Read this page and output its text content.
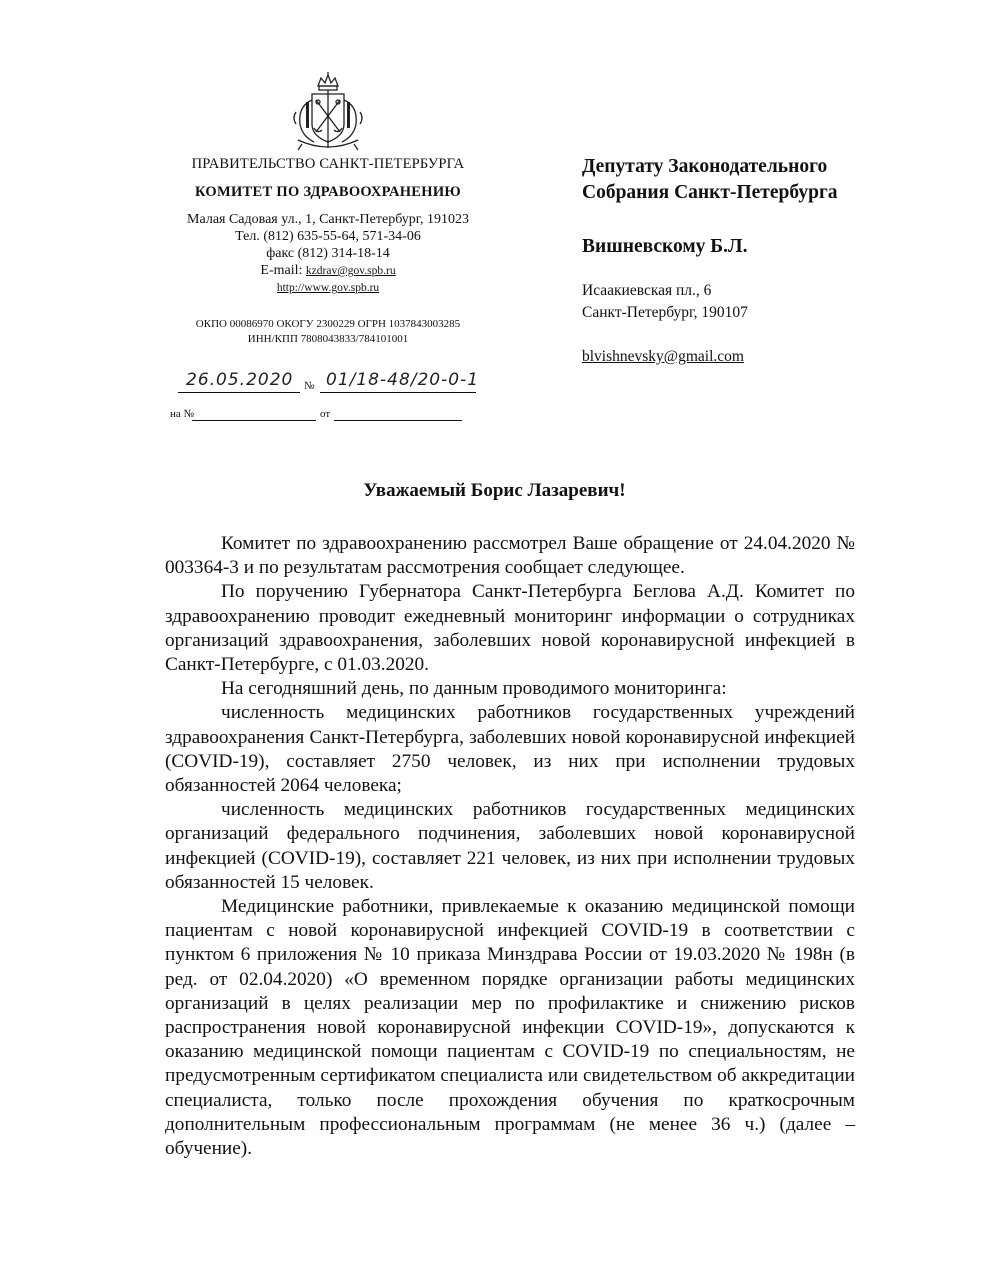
ПРАВИТЕЛЬСТВО САНКТ-ПЕТЕРБУРГА
КОМИТЕТ ПО ЗДРАВООХРАНЕНИЮ
Малая Садовая ул., 1, Санкт-Петербург, 191023
Тел. (812) 635-55-64, 571-34-06
факс (812) 314-18-14
E-mail: kzdrav@gov.spb.ru
http://www.gov.spb.ru
ОКПО 00086970 ОКОГУ 2300229 ОГРН 1037843003285
ИНН/КПП 7808043833/784101001
26.05.2020 № 01/18-48/20-0-1
на №	от
Депутату Законодательного
Собрания Санкт-Петербурга
Вишневскому Б.Л.
Исаакиевская пл., 6
Санкт-Петербург, 190107
blvishnevsky@gmail.com
Уважаемый Борис Лазаревич!

Комитет по здравоохранению рассмотрел Ваше обращение от 24.04.2020 № 003364-3 и по результатам рассмотрения сообщает следующее.

По поручению Губернатора Санкт-Петербурга Беглова А.Д. Комитет по здравоохранению проводит ежедневный мониторинг информации о сотрудниках организаций здравоохранения, заболевших новой коронавирусной инфекцией в Санкт-Петербурге, с 01.03.2020.

На сегодняшний день, по данным проводимого мониторинга:

численность медицинских работников государственных учреждений здравоохранения Санкт-Петербурга, заболевших новой коронавирусной инфекцией (COVID-19), составляет 2750 человек, из них при исполнении трудовых обязанностей 2064 человека;

численность медицинских работников государственных медицинских организаций федерального подчинения, заболевших новой коронавирусной инфекцией (COVID-19), составляет 221 человек, из них при исполнении трудовых обязанностей 15 человек.

Медицинские работники, привлекаемые к оказанию медицинской помощи пациентам с новой коронавирусной инфекцией COVID-19 в соответствии с пунктом 6 приложения № 10 приказа Минздрава России от 19.03.2020 № 198н (в ред. от 02.04.2020) «О временном порядке организации работы медицинских организаций в целях реализации мер по профилактике и снижению рисков распространения новой коронавирусной инфекции COVID-19», допускаются к оказанию медицинской помощи пациентам с COVID-19 по специальностям, не предусмотренным сертификатом специалиста или свидетельством об аккредитации специалиста, только после прохождения обучения по краткосрочным дополнительным профессиональным программам (не менее 36 ч.) (далее – обучение).
